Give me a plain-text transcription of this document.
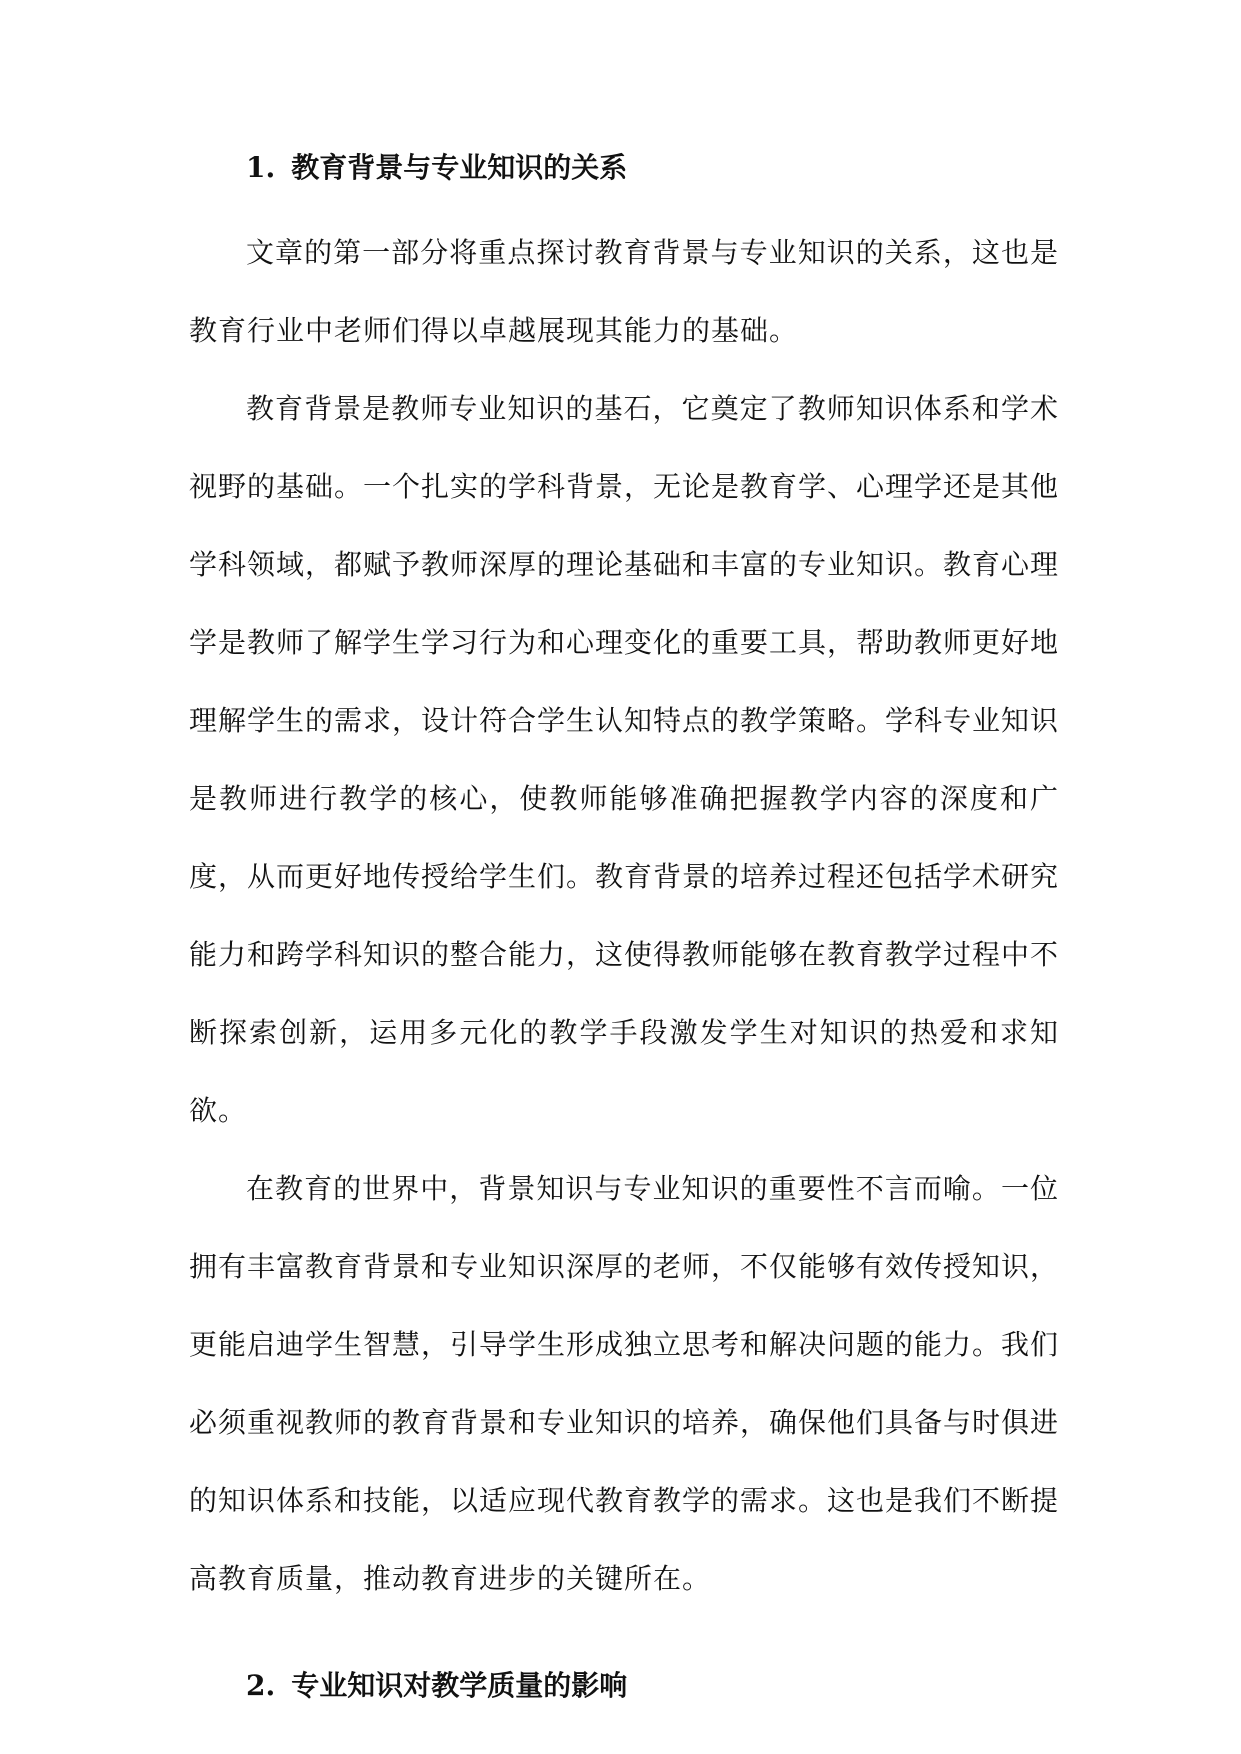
1. 教育背景与专业知识的关系

文章的第一部分将重点探讨教育背景与专业知识的关系，这也是教育行业中老师们得以卓越展现其能力的基础。

教育背景是教师专业知识的基石，它奠定了教师知识体系和学术视野的基础。一个扎实的学科背景，无论是教育学、心理学还是其他学科领域，都赋予教师深厚的理论基础和丰富的专业知识。教育心理学是教师了解学生学习行为和心理变化的重要工具，帮助教师更好地理解学生的需求，设计符合学生认知特点的教学策略。学科专业知识是教师进行教学的核心，使教师能够准确把握教学内容的深度和广度，从而更好地传授给学生们。教育背景的培养过程还包括学术研究能力和跨学科知识的整合能力，这使得教师能够在教育教学过程中不断探索创新，运用多元化的教学手段激发学生对知识的热爱和求知欲。

在教育的世界中，背景知识与专业知识的重要性不言而喻。一位拥有丰富教育背景和专业知识深厚的老师，不仅能够有效传授知识，更能启迪学生智慧，引导学生形成独立思考和解决问题的能力。我们必须重视教师的教育背景和专业知识的培养，确保他们具备与时俱进的知识体系和技能，以适应现代教育教学的需求。这也是我们不断提高教育质量，推动教育进步的关键所在。

2. 专业知识对教学质量的影响
